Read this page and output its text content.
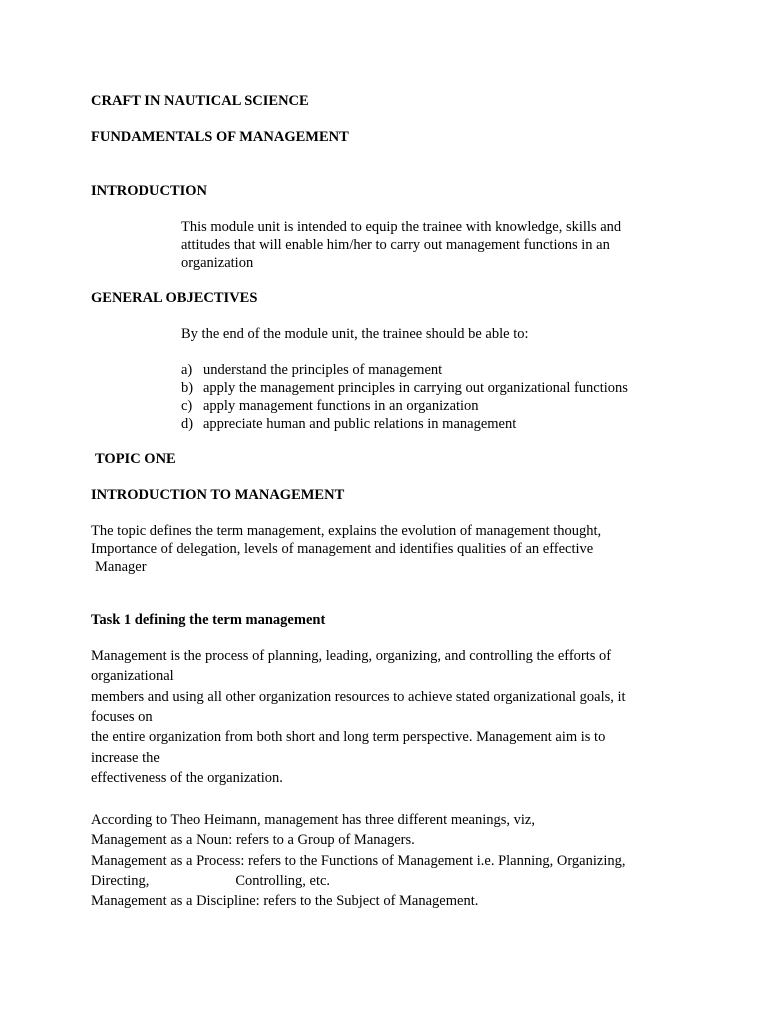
CRAFT IN NAUTICAL SCIENCE

FUNDAMENTALS OF MANAGEMENT

INTRODUCTION

This module unit is intended to equip the trainee with knowledge, skills and

attitudes that will enable him/her to carry out management functions in an

organization

GENERAL OBJECTIVES

By the end of the module unit, the trainee should be able to:

a) understand the principles of management

b) apply the management principles in carrying out organizational functions

c) apply management functions in an organization

d) appreciate human and public relations in management

TOPIC ONE

INTRODUCTION TO MANAGEMENT

The topic defines the term management, explains the evolution of management thought,

Importance of delegation, levels of management and identifies qualities of an effective

Manager

Task 1 defining the term management

Management is the process of planning, leading, organizing, and controlling the efforts of

organizational

members and using all other organization resources to achieve stated organizational goals, it

focuses on

the entire organization from both short and long term perspective. Management aim is to

increase the

effectiveness of the organization.

According to Theo Heimann, management has three different meanings, viz,

Management as a Noun: refers to a Group of Managers.

Management as a Process: refers to the Functions of Management i.e. Planning, Organizing,

Directing,	Controlling, etc.

Management as a Discipline: refers to the Subject of Management.
